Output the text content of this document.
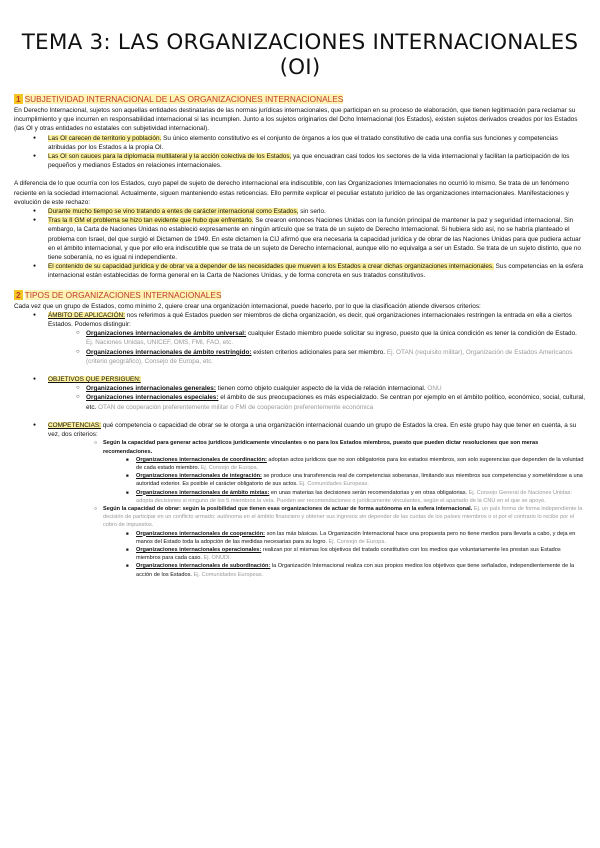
TEMA 3: LAS ORGANIZACIONES INTERNACIONALES (OI)
1 SUBJETIVIDAD INTERNACIONAL DE LAS ORGANIZACIONES INTERNACIONALES

En Derecho Internacional, sujetos son aquellas entidades destinatarias de las normas jurídicas internacionales, que participan en su proceso de elaboración, que tienen legitimación para reclamar su incumplimiento y que incurren en responsabilidad internacional si las incumplen. Junto a los sujetos originarios del Dcho Internacional (los Estados), existen sujetos derivados creados por los Estados (las OI y otras entidades no estatales con subjetividad internacional).

● Las OI carecen de territorio y población. Su único elemento constitutivo es el conjunto de órganos a los que el tratado constitutivo de cada una confía sus funciones y competencias atribuidas por los Estados a la propia OI.
● Las OI son cauces para la diplomacia multilateral y la acción colectiva de los Estados, ya que encuadran casi todos los sectores de la vida internacional y facilitan la participación de los pequeños y medianos Estados en relaciones internacionales.

A diferencia de lo que ocurría con los Estados, cuyo papel de sujeto de derecho internacional era indiscutible, con las Organizaciones Internacionales no ocurrió lo mismo. Se trata de un fenómeno reciente en la sociedad internacional. Actualmente, siguen manteniendo estas reticencias. Ello permite explicar el peculiar estatuto jurídico de las organizaciones internacionales. Manifestaciones y evolución de este rechazo:

● Durante mucho tiempo se vino tratando a entes de carácter internacional como Estados, sin serlo.
● Tras la II GM el problema se hizo tan evidente que hubo que enfrentarlo. Se crearon entonces Naciones Unidas con la función principal de mantener la paz y seguridad internacional. Sin embargo, la Carta de Naciones Unidas no estableció expresamente en ningún artículo que se trata de un sujeto de Derecho Internacional. Si hubiera sido así, no se habría planteado el problema con Israel, del que surgió el Dictamen de 1949. En este dictamen la CIJ afirmó que era necesaria la capacidad jurídica y de obrar de las Naciones Unidas para que pudiera actuar en el ámbito internacional, y que por ello era indiscutible que se trata de un sujeto de Derecho internacional, aunque ello no equivalga a ser un Estado. Se trata de un sujeto distinto, que no tiene soberanía, no es igual ni independiente.
● El contenido de su capacidad jurídica y de obrar va a depender de las necesidades que mueven a los Estados a crear dichas organizaciones internacionales. Sus competencias en la esfera internacional están establecidas de forma general en la Carta de Naciones Unidas, y de forma concreta en sus tratados constitutivos.
2 TIPOS DE ORGANIZACIONES INTERNACIONALES

Cada vez que un grupo de Estados, como mínimo 2, quiere crear una organización internacional, puede hacerlo, por lo que la clasificación atiende diversos criterios:

● ÁMBITO DE APLICACIÓN: nos referimos a qué Estados pueden ser miembros de dicha organización, es decir, qué organizaciones internacionales restringen la entrada en ella a ciertos Estados. Podemos distinguir:
○ Organizaciones internacionales de ámbito universal: cualquier Estado miembro puede solicitar su ingreso, puesto que la única condición es tener la condición de Estado. Ej. Naciones Unidas, UNICEF, OMS, FMI, FAO, etc.
○ Organizaciones internacionales de ámbito restringido: existen criterios adicionales para ser miembro. Ej. OTAN (requisito militar), Organización de Estados Americanos (criterio geográfico), Consejo de Europa, etc.
● OBJETIVOS QUE PERSIGUEN:
○ Organizaciones internacionales generales: tienen como objeto cualquier aspecto de la vida de relación internacional. ONU
○ Organizaciones internacionales especiales: el ámbito de sus preocupaciones es más especializado. Se centran por ejemplo en el ámbito político, económico, social, cultural, etc. OTAN de cooperación preferentemente militar o FMI de cooperación preferentemente económica
● COMPETENCIAS: qué competencia o capacidad de obrar se le otorga a una organización internacional cuando un grupo de Estados la crea. En este grupo hay que tener en cuenta, a su vez, dos criterios:
○ Según la capacidad para generar actos jurídicos jurídicamente vinculantes o no para los Estados miembros, puesto que pueden dictar resoluciones que son meras recomendaciones.
■ Organizaciones internacionales de coordinación: adoptan actos jurídicos que no son obligatorios para los estados miembros, son solo sugerencias que dependen de la voluntad de cada estado miembro. Ej. Consejo de Europa.
■ Organizaciones internacionales de integración: se produce una transferencia real de competencias soberanas, limitando sus miembros sus competencias y sometiéndose a una autoridad exterior. Es posible el carácter obligatorio de sus actos. Ej. Comunidades Europeas.
■ Organizaciones internacionales de ámbito mixtas: en unas materias las decisiones serán recomendatorias y en otras obligatorias. Ej. Consejo General de Naciones Unidas: adopta decisiones si ninguno de los 5 miembros la veta. Pueden ser recomendaciones o jurídicamente vinculantes, según el apartado de la CNU en el que se apoye.
○ Según la capacidad de obrar: según la posibilidad que tienen esas organizaciones de actuar de forma autónoma en la esfera internacional. Ej. un país forma de forma independiente la decisión de participar en un conflicto armado; autónoma en el ámbito financiero y obtener sus ingresos sin depender de las cuotas de los países miembros o si por el contrario lo recibe por el cobro de impuestos.
■ Organizaciones internacionales de cooperación: son las más básicas. La Organización Internacional hace una propuesta pero no tiene medios para llevarla a cabo, y deja en manos del Estado toda la adopción de las medidas necesarias para su logro. Ej. Consejo de Europa.
■ Organizaciones internacionales operacionales: realizan por sí mismas los objetivos del tratado constitutivo con los medios que voluntariamente les prestan sus Estados miembros para cada caso. Ej. ONUDI.
■ Organizaciones internacionales de subordinación: la Organización Internacional realiza con sus propios medios los objetivos que tiene señalados, independientemente de la acción de los Estados. Ej. Comunidades Europeas.
